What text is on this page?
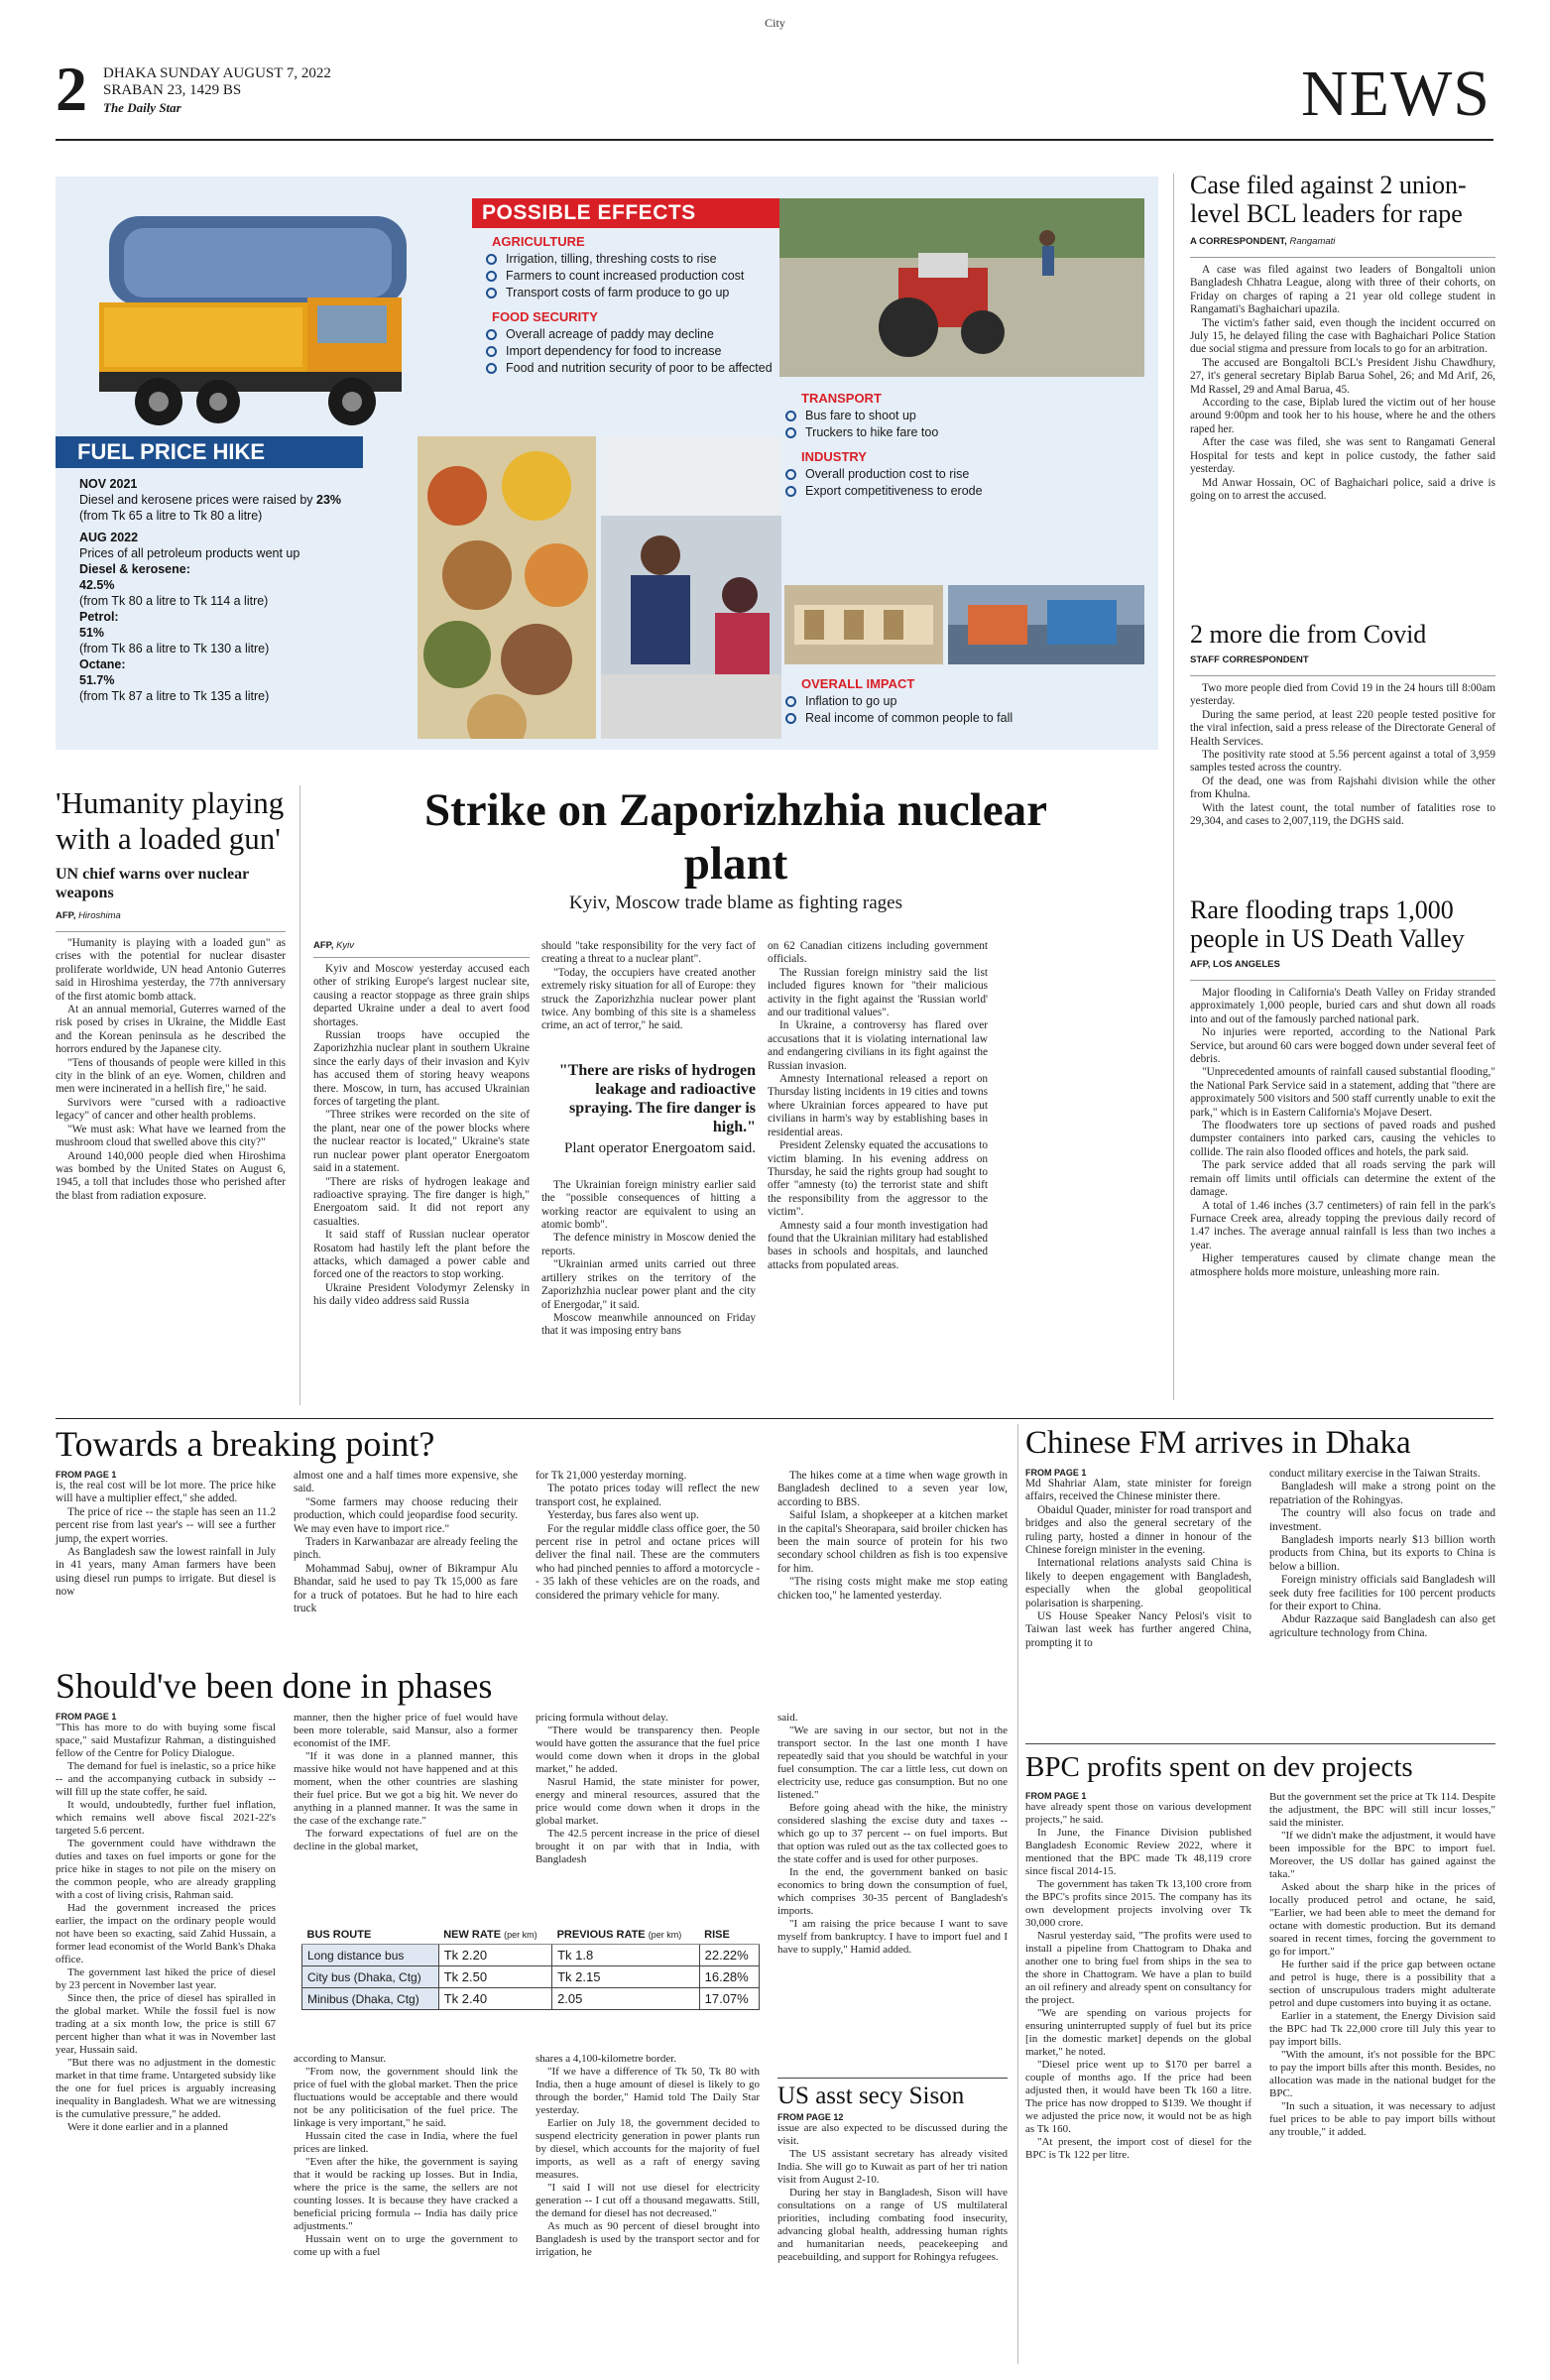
City
2 DHAKA SUNDAY AUGUST 7, 2022
SRABAN 23, 1429 BS
The Daily Star	NEWS
POSSIBLE EFFECTS
AGRICULTURE
Irrigation, tilling, threshing costs to rise
Farmers to count increased production cost
Transport costs of farm produce to go up
FOOD SECURITY
Overall acreage of paddy may decline
Import dependency for food to increase
Food and nutrition security of poor to be affected
TRANSPORT
Bus fare to shoot up
Truckers to hike fare too
INDUSTRY
Overall production cost to rise
Export competitiveness to erode
OVERALL IMPACT
Inflation to go up
Real income of common people to fall
FUEL PRICE HIKE
NOV 2021
Diesel and kerosene prices were raised by 23%
(from Tk 65 a litre to Tk 80 a litre)
AUG 2022
Prices of all petroleum products went up
Diesel & kerosene:
42.5%
(from Tk 80 a litre to Tk 114 a litre)
Petrol:
51%
(from Tk 86 a litre to Tk 130 a litre)
Octane:
51.7%
(from Tk 87 a litre to Tk 135 a litre)
Case filed against 2 union-level BCL leaders for rape
A CORRESPONDENT, Rangamati

A case was filed against two leaders of Bongaltoli union Bangladesh Chhatra League, along with three of their cohorts, on Friday on charges of raping a 21 year old college student in Rangamati's Baghaichari upazila.

The victim's father said, even though the incident occurred on July 15, he delayed filing the case with Baghaichari Police Station due social stigma and pressure from locals to go for an arbitration.

The accused are Bongaltoli BCL's President Jishu Chawdhury, 27, it's general secretary Biplab Barua Sohel, 26; and Md Arif, 26, Md Rassel, 29 and Amal Barua, 45.

According to the case, Biplab lured the victim out of her house around 9:00pm and took her to his house, where he and the others raped her.

After the case was filed, she was sent to Rangamati General Hospital for tests and kept in police custody, the father said yesterday.

Md Anwar Hossain, OC of Baghaichari police, said a drive is going on to arrest the accused.

2 more die from Covid
STAFF CORRESPONDENT

Two more people died from Covid 19 in the 24 hours till 8:00am yesterday.

During the same period, at least 220 people tested positive for the viral infection, said a press release of the Directorate General of Health Services.

The positivity rate stood at 5.56 percent against a total of 3,959 samples tested across the country.

Of the dead, one was from Rajshahi division while the other from Khulna.

With the latest count, the total number of fatalities rose to 29,304, and cases to 2,007,119, the DGHS said.

Rare flooding traps 1,000 people in US Death Valley
AFP, LOS ANGELES

Major flooding in California's Death Valley on Friday stranded approximately 1,000 people, buried cars and shut down all roads into and out of the famously parched national park.

No injuries were reported, according to the National Park Service, but around 60 cars were bogged down under several feet of debris.

"Unprecedented amounts of rainfall caused substantial flooding," the National Park Service said in a statement, adding that "there are approximately 500 visitors and 500 staff currently unable to exit the park," which is in Eastern California's Mojave Desert.

The floodwaters tore up sections of paved roads and pushed dumpster containers into parked cars, causing the vehicles to collide. The rain also flooded offices and hotels, the park said.

The park service added that all roads serving the park will remain off limits until officials can determine the extent of the damage.

A total of 1.46 inches (3.7 centimeters) of rain fell in the park's Furnace Creek area, already topping the previous daily record of 1.47 inches. The average annual rainfall is less than two inches a year.

Higher temperatures caused by climate change mean the atmosphere holds more moisture, unleashing more rain.

'Humanity playing with a loaded gun'
UN chief warns over nuclear weapons
AFP, Hiroshima

"Humanity is playing with a loaded gun" as crises with the potential for nuclear disaster proliferate worldwide, UN head Antonio Guterres said in Hiroshima yesterday, the 77th anniversary of the first atomic bomb attack.

At an annual memorial, Guterres warned of the risk posed by crises in Ukraine, the Middle East and the Korean peninsula as he described the horrors endured by the Japanese city.

"Tens of thousands of people were killed in this city in the blink of an eye. Women, children and men were incinerated in a hellish fire," he said.

Survivors were "cursed with a radioactive legacy" of cancer and other health problems.

"We must ask: What have we learned from the mushroom cloud that swelled above this city?"

Around 140,000 people died when Hiroshima was bombed by the United States on August 6, 1945, a toll that includes those who perished after the blast from radiation exposure.

Strike on Zaporizhzhia nuclear plant
Kyiv, Moscow trade blame as fighting rages
AFP, Kyiv

Kyiv and Moscow yesterday accused each other of striking Europe's largest nuclear site, causing a reactor stoppage as three grain ships departed Ukraine under a deal to avert food shortages.

Russian troops have occupied the Zaporizhzhia nuclear plant in southern Ukraine since the early days of their invasion and Kyiv has accused them of storing heavy weapons there. Moscow, in turn, has accused Ukrainian forces of targeting the plant.

"Three strikes were recorded on the site of the plant, near one of the power blocks where the nuclear reactor is located," Ukraine's state run nuclear power plant operator Energoatom said in a statement.

"There are risks of hydrogen leakage and radioactive spraying. The fire danger is high," Energoatom said. It did not report any casualties.

It said staff of Russian nuclear operator Rosatom had hastily left the plant before the attacks, which damaged a power cable and forced one of the reactors to stop working.

Ukraine President Volodymyr Zelensky in his daily video address said Russia

should "take responsibility for the very fact of creating a threat to a nuclear plant".

"Today, the occupiers have created another extremely risky situation for all of Europe: they struck the Zaporizhzhia nuclear power plant twice. Any bombing of this site is a shameless crime, an act of terror," he said.

"There are risks of hydrogen leakage and radioactive spraying. The fire danger is high."
Plant operator Energoatom said.

The Ukrainian foreign ministry earlier said the "possible consequences of hitting a working reactor are equivalent to using an atomic bomb".

The defence ministry in Moscow denied the reports.

"Ukrainian armed units carried out three artillery strikes on the territory of the Zaporizhzhia nuclear power plant and the city of Energodar," it said.

Moscow meanwhile announced on Friday that it was imposing entry bans

on 62 Canadian citizens including government officials.

The Russian foreign ministry said the list included figures known for "their malicious activity in the fight against the 'Russian world' and our traditional values".

In Ukraine, a controversy has flared over accusations that it is violating international law and endangering civilians in its fight against the Russian invasion.

Amnesty International released a report on Thursday listing incidents in 19 cities and towns where Ukrainian forces appeared to have put civilians in harm's way by establishing bases in residential areas.

President Zelensky equated the accusations to victim blaming. In his evening address on Thursday, he said the rights group had sought to offer "amnesty (to) the terrorist state and shift the responsibility from the aggressor to the victim".

Amnesty said a four month investigation had found that the Ukrainian military had established bases in schools and hospitals, and launched attacks from populated areas.

Towards a breaking point?
FROM PAGE 1

is, the real cost will be lot more. The price hike will have a multiplier effect," she added.

The price of rice -- the staple has seen an 11.2 percent rise from last year's -- will see a further jump, the expert worries.

As Bangladesh saw the lowest rainfall in July in 41 years, many Aman farmers have been using diesel run pumps to irrigate. But diesel is now

almost one and a half times more expensive, she said.

"Some farmers may choose reducing their production, which could jeopardise food security. We may even have to import rice."

Traders in Karwanbazar are already feeling the pinch.

Mohammad Sabuj, owner of Bikrampur Alu Bhandar, said he used to pay Tk 15,000 as fare for a truck of potatoes. But he had to hire each truck

for Tk 21,000 yesterday morning.

The potato prices today will reflect the new transport cost, he explained.

Yesterday, bus fares also went up.

For the regular middle class office goer, the 50 percent rise in petrol and octane prices will deliver the final nail. These are the commuters who had pinched pennies to afford a motorcycle -- 35 lakh of these vehicles are on the roads, and considered the primary vehicle for many.

The hikes come at a time when wage growth in Bangladesh declined to a seven year low, according to BBS.

Saiful Islam, a shopkeeper at a kitchen market in the capital's Sheorapara, said broiler chicken has been the main source of protein for his two secondary school children as fish is too expensive for him.

"The rising costs might make me stop eating chicken too," he lamented yesterday.

Should've been done in phases
FROM PAGE 1

"This has more to do with buying some fiscal space," said Mustafizur Rahman, a distinguished fellow of the Centre for Policy Dialogue.

The demand for fuel is inelastic, so a price hike -- and the accompanying cutback in subsidy -- will fill up the state coffer, he said.

It would, undoubtedly, further fuel inflation, which remains well above fiscal 2021-22's targeted 5.6 percent.

The government could have withdrawn the duties and taxes on fuel imports or gone for the price hike in stages to not pile on the misery on the common people, who are already grappling with a cost of living crisis, Rahman said.

Had the government increased the prices earlier, the impact on the ordinary people would not have been so exacting, said Zahid Hussain, a former lead economist of the World Bank's Dhaka office.

The government last hiked the price of diesel by 23 percent in November last year.

Since then, the price of diesel has spiralled in the global market. While the fossil fuel is now trading at a six month low, the price is still 67 percent higher than what it was in November last year, Hussain said.

"But there was no adjustment in the domestic market in that time frame. Untargeted subsidy like the one for fuel prices is arguably increasing inequality in Bangladesh. What we are witnessing is the cumulative pressure," he added.

Were it done earlier and in a planned

manner, then the higher price of fuel would have been more tolerable, said Mansur, also a former economist of the IMF.

"If it was done in a planned manner, this massive hike would not have happened and at this moment, when the other countries are slashing their fuel price. But we got a big hit. We never do anything in a planned manner. It was the same in the case of the exchange rate."

The forward expectations of fuel are on the decline in the global market,

pricing formula without delay.

"There would be transparency then. People would have gotten the assurance that the fuel price would come down when it drops in the global market," he added.

Nasrul Hamid, the state minister for power, energy and mineral resources, assured that the price would come down when it drops in the global market.

The 42.5 percent increase in the price of diesel brought it on par with that in India, with Bangladesh

BUS ROUTE	NEW RATE (per km)	PREVIOUS RATE (per km)	RISE
Long distance bus	Tk 2.20	Tk 1.8	22.22%
City bus (Dhaka, Ctg)	Tk 2.50	Tk 2.15	16.28%
Minibus (Dhaka, Ctg)	Tk 2.40	2.05	17.07%

according to Mansur.

"From now, the government should link the price of fuel with the global market. Then the price fluctuations would be acceptable and there would not be any politicisation of the fuel price. The linkage is very important," he said.

Hussain cited the case in India, where the fuel prices are linked.

"Even after the hike, the government is saying that it would be racking up losses. But in India, where the price is the same, the sellers are not counting losses. It is because they have cracked a beneficial pricing formula -- India has daily price adjustments."

Hussain went on to urge the government to come up with a fuel

shares a 4,100-kilometre border.

"If we have a difference of Tk 50, Tk 80 with India, then a huge amount of diesel is likely to go through the border," Hamid told The Daily Star yesterday.

Earlier on July 18, the government decided to suspend electricity generation in power plants run by diesel, which accounts for the majority of fuel imports, as well as a raft of energy saving measures.

"I said I will not use diesel for electricity generation -- I cut off a thousand megawatts. Still, the demand for diesel has not decreased."

As much as 90 percent of diesel brought into Bangladesh is used by the transport sector and for irrigation, he

said.

"We are saving in our sector, but not in the transport sector. In the last one month I have repeatedly said that you should be watchful in your fuel consumption. The car a little less, cut down on electricity use, reduce gas consumption. But no one listened."

Before going ahead with the hike, the ministry considered slashing the excise duty and taxes -- which go up to 37 percent -- on fuel imports. But that option was ruled out as the tax collected goes to the state coffer and is used for other purposes.

In the end, the government banked on basic economics to bring down the consumption of fuel, which comprises 30-35 percent of Bangladesh's imports.

"I am raising the price because I want to save myself from bankruptcy. I have to import fuel and I have to supply," Hamid added.

US asst secy Sison
FROM PAGE 12

issue are also expected to be discussed during the visit.

The US assistant secretary has already visited India. She will go to Kuwait as part of her tri nation visit from August 2-10.

During her stay in Bangladesh, Sison will have consultations on a range of US multilateral priorities, including combating food insecurity, advancing global health, addressing human rights and humanitarian needs, peacekeeping and peacebuilding, and support for Rohingya refugees.

Chinese FM arrives in Dhaka
FROM PAGE 1

Md Shahriar Alam, state minister for foreign affairs, received the Chinese minister there.

Obaidul Quader, minister for road transport and bridges and also the general secretary of the ruling party, hosted a dinner in honour of the Chinese foreign minister in the evening.

International relations analysts said China is likely to deepen engagement with Bangladesh, especially when the global geopolitical polarisation is sharpening.

US House Speaker Nancy Pelosi's visit to Taiwan last week has further angered China, prompting it to

conduct military exercise in the Taiwan Straits.

Bangladesh will make a strong point on the repatriation of the Rohingyas.

The country will also focus on trade and investment.

Bangladesh imports nearly $13 billion worth products from China, but its exports to China is below a billion.

Foreign ministry officials said Bangladesh will seek duty free facilities for 100 percent products for their export to China.

Abdur Razzaque said Bangladesh can also get agriculture technology from China.

BPC profits spent on dev projects
FROM PAGE 1

have already spent those on various development projects," he said.

In June, the Finance Division published Bangladesh Economic Review 2022, where it mentioned that the BPC made Tk 48,119 crore since fiscal 2014-15.

The government has taken Tk 13,100 crore from the BPC's profits since 2015. The company has its own development projects involving over Tk 30,000 crore.

Nasrul yesterday said, "The profits were used to install a pipeline from Chattogram to Dhaka and another one to bring fuel from ships in the sea to the shore in Chattogram. We have a plan to build an oil refinery and already spent on consultancy for the project.

"We are spending on various projects for ensuring uninterrupted supply of fuel but its price [in the domestic market] depends on the global market," he noted.

"Diesel price went up to $170 per barrel a couple of months ago. If the price had been adjusted then, it would have been Tk 160 a litre. The price has now dropped to $139. We thought if we adjusted the price now, it would not be as high as Tk 160.

"At present, the import cost of diesel for the BPC is Tk 122 per litre.

But the government set the price at Tk 114. Despite the adjustment, the BPC will still incur losses," said the minister.

"If we didn't make the adjustment, it would have been impossible for the BPC to import fuel. Moreover, the US dollar has gained against the taka."

Asked about the sharp hike in the prices of locally produced petrol and octane, he said, "Earlier, we had been able to meet the demand for octane with domestic production. But its demand soared in recent times, forcing the government to go for import."

He further said if the price gap between octane and petrol is huge, there is a possibility that a section of unscrupulous traders might adulterate petrol and dupe customers into buying it as octane.

Earlier in a statement, the Energy Division said the BPC had Tk 22,000 crore till July this year to pay import bills.

"With the amount, it's not possible for the BPC to pay the import bills after this month. Besides, no allocation was made in the national budget for the BPC.

"In such a situation, it was necessary to adjust fuel prices to be able to pay import bills without any trouble," it added.
